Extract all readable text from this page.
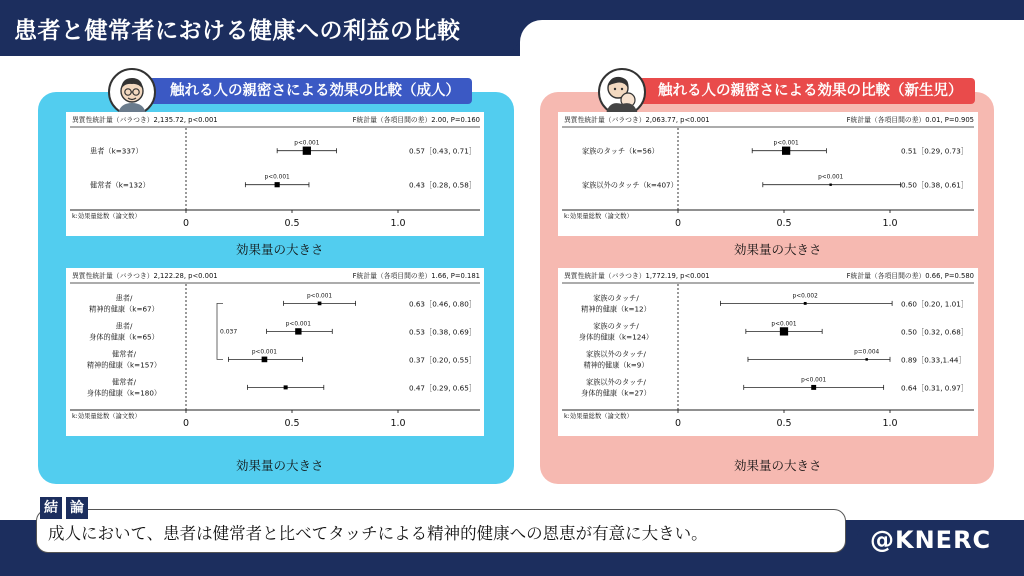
患者と健常者における健康への利益の比較
触れる人の親密さによる効果の比較（成人）	触れる人の親密さによる効果の比較（新生児）
異質性統計量（バラつき）2,135.72, p<0.001	F統計量（各項目間の差）2.00, P=0.160
k:効果量総数（論文数）
0	0.5	1.0
患者（k=337）
p<0.001
0.57［0.43, 0.71］
健常者（k=132）
p<0.001
0.43［0.28, 0.58］
異質性統計量（バラつき）2,122.28, p<0.001	F統計量（各項目間の差）1.66, P=0.181
k:効果量総数（論文数）
0	0.5	1.0
患者/
精神的健康（k=67）
p<0.001
0.63［0.46, 0.80］
患者/
身体的健康（k=65）
p<0.001
0.53［0.38, 0.69］
健常者/
精神的健康（k=157）
p<0.001
0.37［0.20, 0.55］
健常者/
身体的健康（k=180）
0.47［0.29, 0.65］
0.037
異質性統計量（バラつき）2,063.77, p<0.001	F統計量（各項目間の差）0.01, P=0.905
k:効果量総数（論文数）
0	0.5	1.0
家族のタッチ（k=56）
p<0.001
0.51［0.29, 0.73］
家族以外のタッチ（k=407）
p<0.001
0.50［0.38, 0.61］
異質性統計量（バラつき）1,772.19, p<0.001	F統計量（各項目間の差）0.66, P=0.580
k:効果量総数（論文数）
0	0.5	1.0
家族のタッチ/
精神的健康（k=12）
p<0.002
0.60［0.20, 1.01］
家族のタッチ/
身体的健康（k=124）
p<0.001
0.50［0.32, 0.68］
家族以外のタッチ/
精神的健康（k=9）
p=0.004
0.89［0.33,1.44］
家族以外のタッチ/
身体的健康（k=27）
p<0.001
0.64［0.31, 0.97］
効果量の大きさ
効果量の大きさ
効果量の大きさ
効果量の大きさ
結 論
成人において、患者は健常者と比べてタッチによる精神的健康への恩恵が有意に大きい。	@KNERC
